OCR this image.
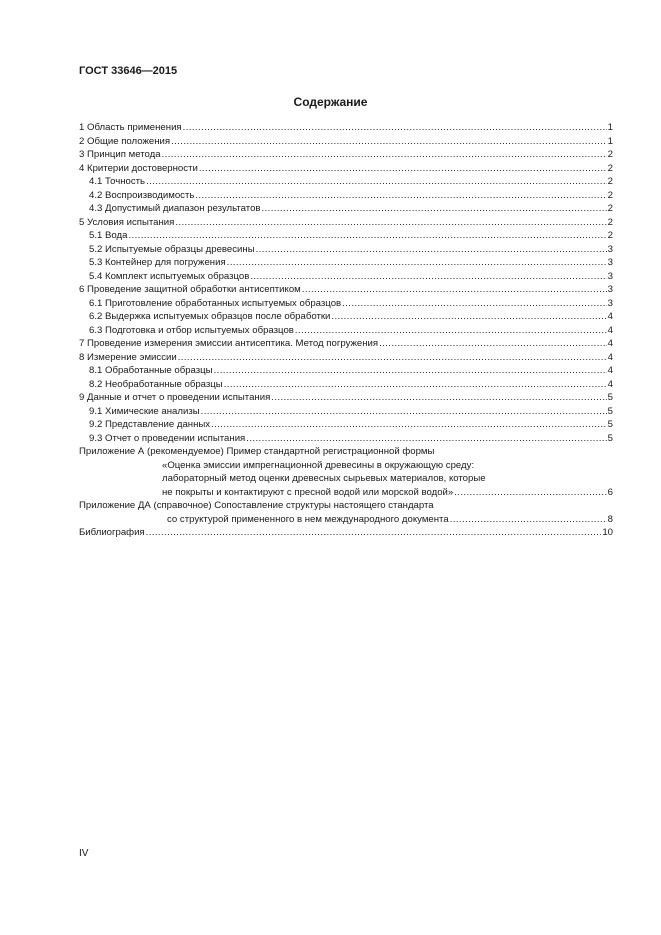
ГОСТ 33646—2015
Содержание
1 Область применения .....	1
2 Общие положения .....	1
3 Принцип метода .....	2
4 Критерии достоверности .....	2
4.1 Точность .....	2
4.2 Воспроизводимость .....	2
4.3 Допустимый диапазон результатов .....	2
5 Условия испытания .....	2
5.1 Вода .....	2
5.2 Испытуемые образцы древесины .....	3
5.3 Контейнер для погружения .....	3
5.4 Комплект испытуемых образцов .....	3
6 Проведение защитной обработки антисептиком .....	3
6.1 Приготовление обработанных испытуемых образцов .....	3
6.2 Выдержка испытуемых образцов после обработки .....	4
6.3 Подготовка и отбор испытуемых образцов .....	4
7 Проведение измерения эмиссии антисептика. Метод погружения .....	4
8 Измерение эмиссии .....	4
8.1 Обработанные образцы .....	4
8.2 Необработанные образцы .....	4
9 Данные и отчет о проведении испытания .....	5
9.1 Химические анализы .....	5
9.2 Представление данных .....	5
9.3 Отчет о проведении испытания .....	5
Приложение А (рекомендуемое) Пример стандартной регистрационной формы
«Оценка эмиссии импрегнационной древесины в окружающую среду:
лабораторный метод оценки древесных сырьевых материалов, которые
не покрыты и контактируют с пресной водой или морской водой» .....	6
Приложение ДА (справочное) Сопоставление структуры настоящего стандарта
со структурой примененного в нем международного документа .....	8
Библиография .....	10
IV
